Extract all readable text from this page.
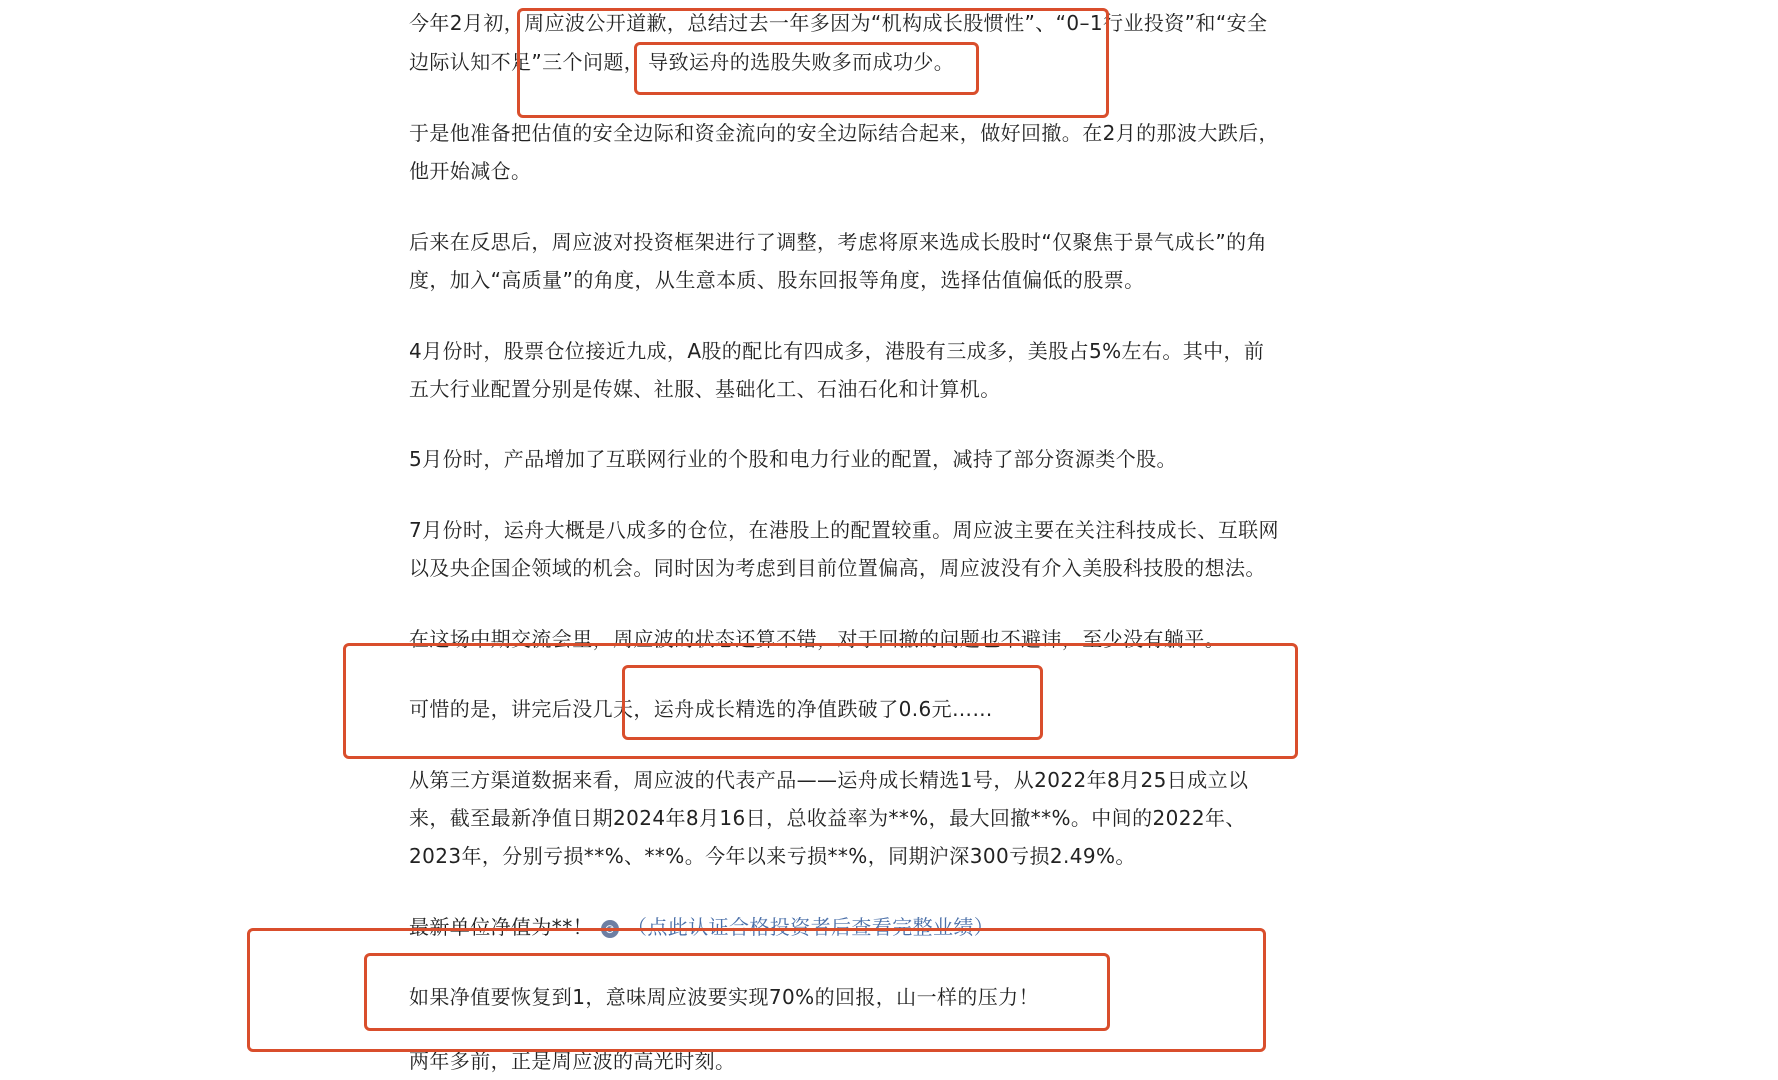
今年2月初，周应波公开道歉，总结过去一年多因为“机构成长股惯性”、“0–1行业投资”和“安全
边际认知不足”三个问题， 导致运舟的选股失败多而成功少。
于是他准备把估值的安全边际和资金流向的安全边际结合起来，做好回撤。在2月的那波大跌后，
他开始减仓。
后来在反思后，周应波对投资框架进行了调整，考虑将原来选成长股时“仅聚焦于景气成长”的角
度，加入“高质量”的角度，从生意本质、股东回报等角度，选择估值偏低的股票。
4月份时，股票仓位接近九成，A股的配比有四成多，港股有三成多，美股占5%左右。其中，前
五大行业配置分别是传媒、社服、基础化工、石油石化和计算机。
5月份时，产品增加了互联网行业的个股和电力行业的配置，减持了部分资源类个股。
7月份时，运舟大概是八成多的仓位，在港股上的配置较重。周应波主要在关注科技成长、互联网
以及央企国企领域的机会。同时因为考虑到目前位置偏高，周应波没有介入美股科技股的想法。
在这场中期交流会里，周应波的状态还算不错，对于回撤的问题也不避讳，至少没有躺平。
可惜的是，讲完后没几天，运舟成长精选的净值跌破了0.6元……
从第三方渠道数据来看，周应波的代表产品——运舟成长精选1号，从2022年8月25日成立以
来，截至最新净值日期2024年8月16日，总收益率为**%，最大回撤**%。中间的2022年、
2023年，分别亏损**%、**%。今年以来亏损**%，同期沪深300亏损2.49%。
最新单位净值为**！ ⊘ （点此认证合格投资者后查看完整业绩）
如果净值要恢复到1，意味周应波要实现70%的回报，山一样的压力！
两年多前，正是周应波的高光时刻。
